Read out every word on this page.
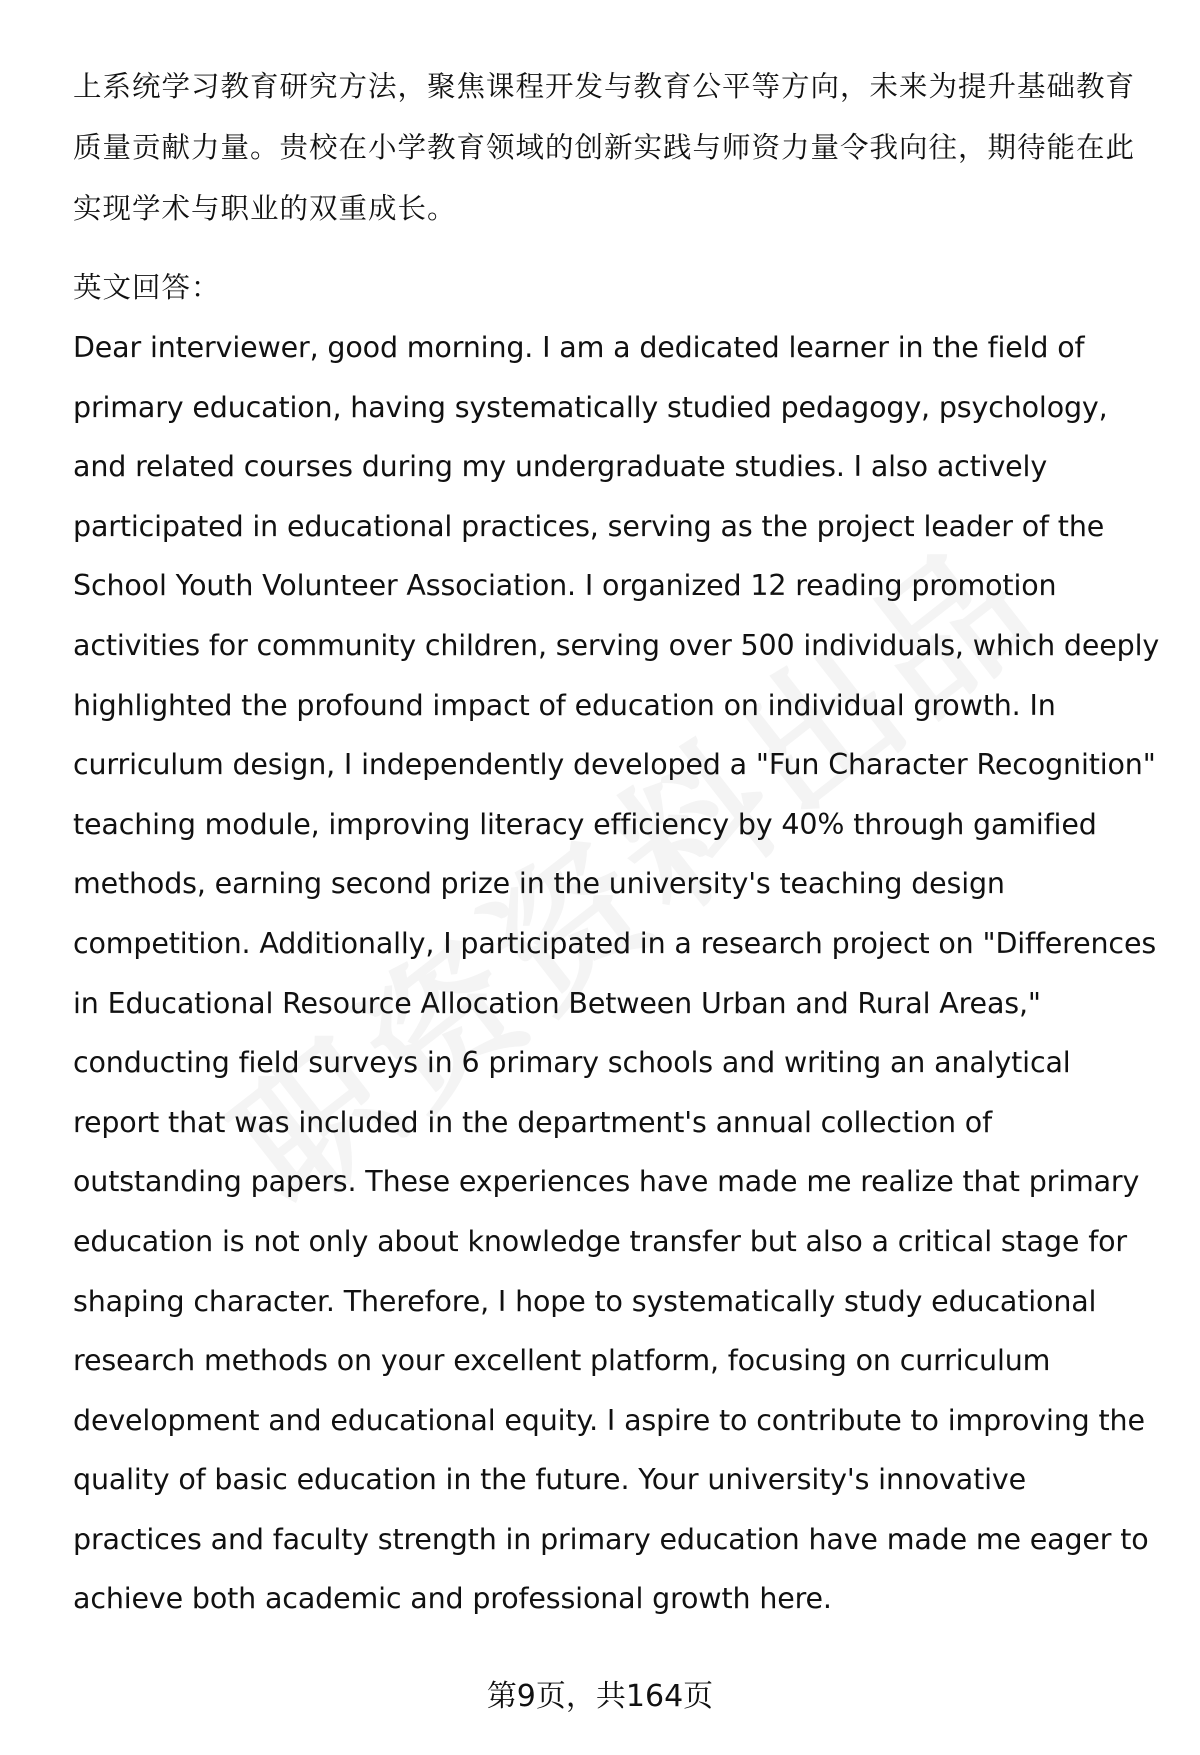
上系统学习教育研究方法，聚焦课程开发与教育公平等方向，未来为提升基础教育质量贡献力量。贵校在小学教育领域的创新实践与师资力量令我向往，期待能在此实现学术与职业的双重成长。

英文回答：

Dear interviewer, good morning. I am a dedicated learner in the field of primary education, having systematically studied pedagogy, psychology, and related courses during my undergraduate studies. I also actively participated in educational practices, serving as the project leader of the School Youth Volunteer Association. I organized 12 reading promotion activities for community children, serving over 500 individuals, which deeply highlighted the profound impact of education on individual growth. In curriculum design, I independently developed a "Fun Character Recognition" teaching module, improving literacy efficiency by 40% through gamified methods, earning second prize in the university's teaching design competition. Additionally, I participated in a research project on "Differences in Educational Resource Allocation Between Urban and Rural Areas," conducting field surveys in 6 primary schools and writing an analytical report that was included in the department's annual collection of outstanding papers. These experiences have made me realize that primary education is not only about knowledge transfer but also a critical stage for shaping character. Therefore, I hope to systematically study educational research methods on your excellent platform, focusing on curriculum development and educational equity. I aspire to contribute to improving the quality of basic education in the future. Your university's innovative practices and faculty strength in primary education have made me eager to achieve both academic and professional growth here.

第9页，共164页
